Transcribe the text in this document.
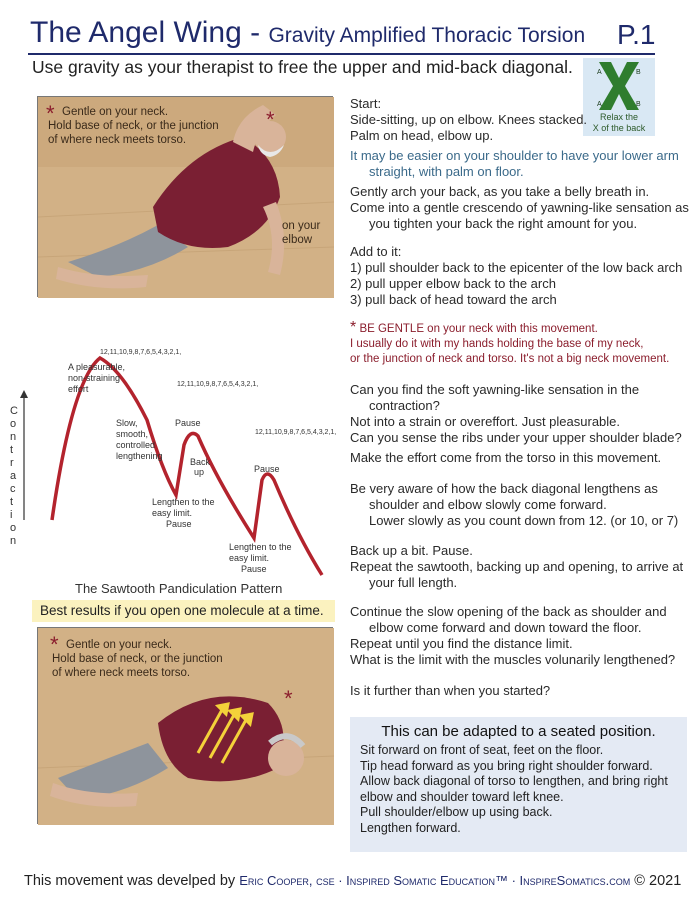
The Angel Wing - Gravity Amplified Thoracic Torsion P.1
Use gravity as your therapist to free the upper and mid-back diagonal.	A	B
A	B
Relax the
X of the back
*	*
Gentle on your neck.
Hold base of neck, or the junction
of where neck meets torso.
on your
elbow
Start:
Side-sitting, up on elbow. Knees stacked.
Palm on head, elbow up.
It may be easier on your shoulder to have your lower arm straight, with palm on floor.
Gently arch your back, as you take a belly breath in.
Come into a gentle crescendo of yawning-like sensation as you tighten your back the right amount for you.
Add to it:
1) pull shoulder back to the epicenter of the low back arch
2) pull upper elbow back to the arch
3) pull back of head toward the arch
* BE GENTLE on your neck with this movement.
I usually do it with my hands holding the base of my neck,
or the junction of neck and torso. It's not a big neck movement.
Can you find the soft yawning-like sensation in the contraction?
Not into a strain or overeffort. Just pleasurable.
Can you sense the ribs under your upper shoulder blade?
Make the effort come from the torso in this movement.
Be very aware of how the back diagonal lengthens as shoulder and elbow slowly come forward.
Lower slowly as you count down from 12. (or 10, or 7)
Back up a bit. Pause.
Repeat the sawtooth, backing up and opening, to arrive at your full length.
Continue the slow opening of the back as shoulder and elbow come forward and down toward the floor.
Repeat until you find the distance limit.
What is the limit with the muscles volunarily lengthened?
Is it further than when you started?
C o n t r a c t i o n
12,11,10,9,8,7,6,5,4,3,2,1,
12,11,10,9,8,7,6,5,4,3,2,1,
12,11,10,9,8,7,6,5,4,3,2,1,
A pleasurable, non-straining effort
Slow, smooth, controlled lengthening
Pause
Back up
Lengthen to the easy limit. Pause
Pause
Lengthen to the easy limit. Pause
The Sawtooth Pandiculation Pattern
Best results if you open one molecule at a time.
*
*
Gentle on your neck.
Hold base of neck, or the junction
of where neck meets torso.
This can be adapted to a seated position.
Sit forward on front of seat, feet on the floor.
Tip head forward as you bring right shoulder forward.
Allow back diagonal of torso to lengthen, and bring right elbow and shoulder toward left knee.
Pull shoulder/elbow up using back.
Lengthen forward.
This movement was develped by Eric Cooper, cse · Inspired Somatic Education™ · InspireSomatics.com © 2021
